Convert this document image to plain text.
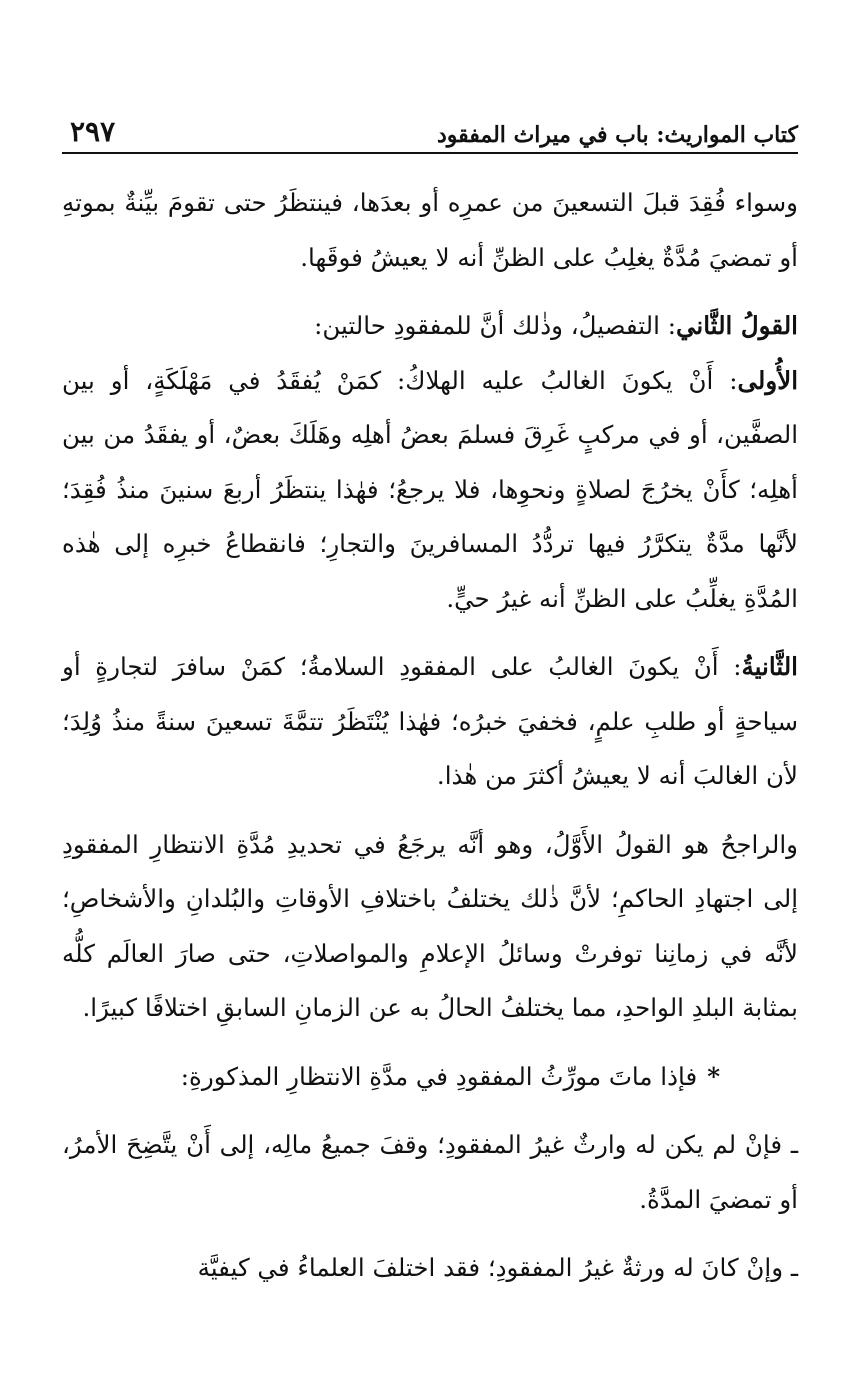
كتاب المواريث: باب في ميراث المفقود
٢٩٧

وسواء فُقِدَ قبلَ التسعينَ من عمرِه أو بعدَها، فينتظَرُ حتى تقومَ بيِّنةٌ بموتهِ أو تمضيَ مُدَّةٌ يغلِبُ على الظنِّ أنه لا يعيشُ فوقَها.

القولُ الثَّاني: التفصيلُ، وذٰلك أنَّ للمفقودِ حالتين:

الأُولى: أَنْ يكونَ الغالبُ عليه الهلاكُ: كمَنْ يُفقَدُ في مَهْلَكَةٍ، أو بين الصفَّين، أو في مركبٍ غَرِقَ فسلمَ بعضُ أهلِه وهَلَكَ بعضٌ، أو يفقَدُ من بين أهلِه؛ كأَنْ يخرُجَ لصلاةٍ ونحوِها، فلا يرجعُ؛ فهٰذا ينتظَرُ أربعَ سنينَ منذُ فُقِدَ؛ لأنَّها مدَّةٌ يتكرَّرُ فيها تردُّدُ المسافرينَ والتجارِ؛ فانقطاعُ خبرِه إلى هٰذه المُدَّةِ يغلِّبُ على الظنِّ أنه غيرُ حيٍّ.

الثَّانيةُ: أَنْ يكونَ الغالبُ على المفقودِ السلامةُ؛ كمَنْ سافرَ لتجارةٍ أو سياحةٍ أو طلبِ علمٍ، فخفيَ خبرُه؛ فهٰذا يُنْتَظَرُ تتمَّةَ تسعينَ سنةً منذُ وُلِدَ؛ لأن الغالبَ أنه لا يعيشُ أكثرَ من هٰذا.

والراجحُ هو القولُ الأَوَّلُ، وهو أنَّه يرجَعُ في تحديدِ مُدَّةِ الانتظارِ المفقودِ إلى اجتهادِ الحاكمِ؛ لأنَّ ذٰلك يختلفُ باختلافِ الأوقاتِ والبُلدانِ والأشخاصِ؛ لأنَّه في زمانِنا توفرتْ وسائلُ الإعلامِ والمواصلاتِ، حتى صارَ العالَم كلُّه بمثابة البلدِ الواحدِ، مما يختلفُ الحالُ به عن الزمانِ السابقِ اختلافًا كبيرًا.

*فإذا ماتَ مورِّثُ المفقودِ في مدَّةِ الانتظارِ المذكورةِ:

ـ فإنْ لم يكن له وارثٌ غيرُ المفقودِ؛ وقفَ جميعُ مالِه، إلى أَنْ يتَّضِحَ الأمرُ، أو تمضيَ المدَّةُ.

ـ وإنْ كانَ له ورثةٌ غيرُ المفقودِ؛ فقد اختلفَ العلماءُ في كيفيَّة
